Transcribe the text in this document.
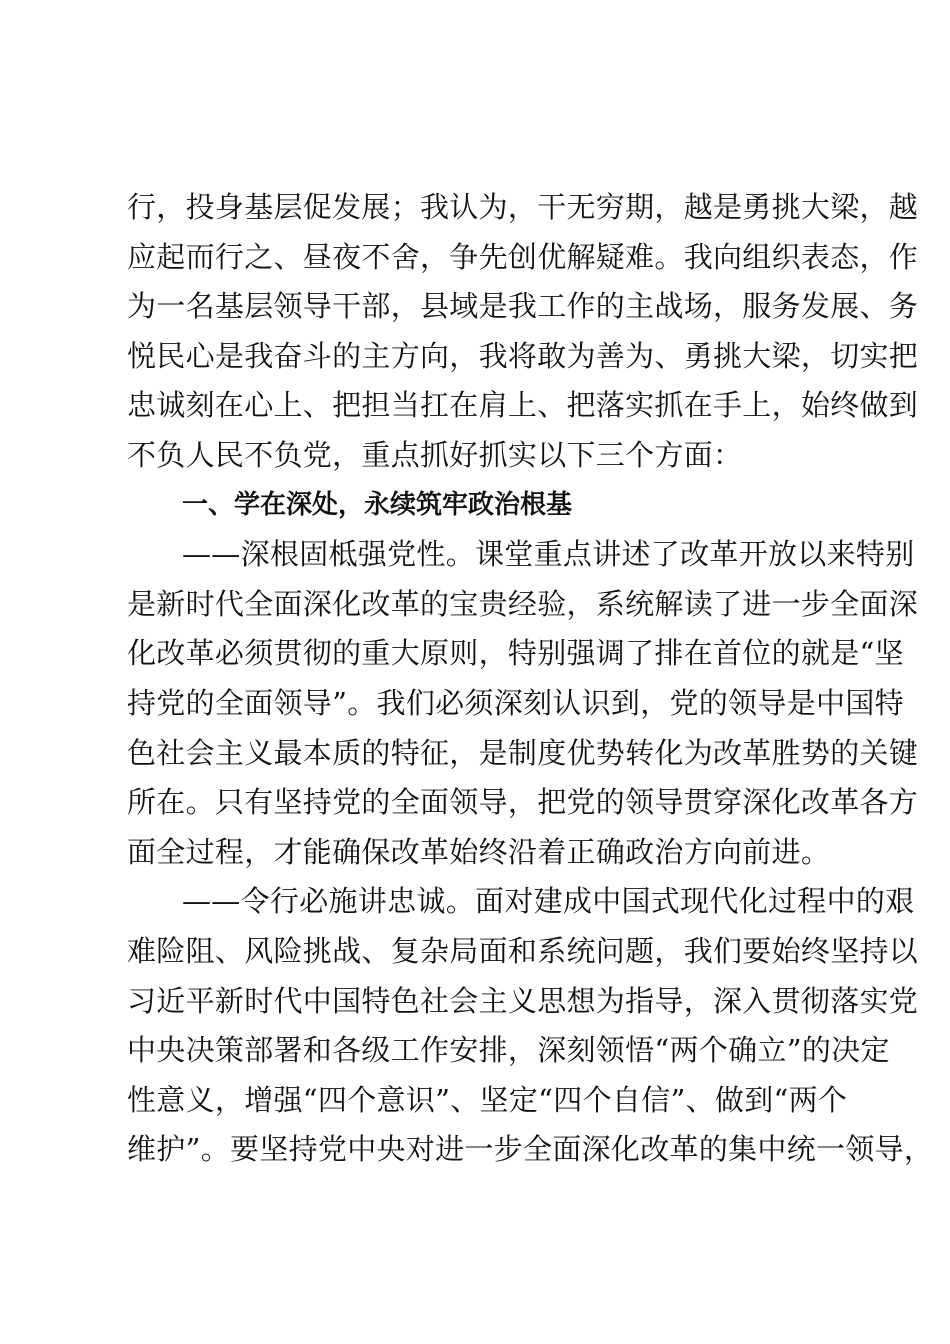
行，投身基层促发展；我认为，干无穷期，越是勇挑大梁，越
应起而行之、昼夜不舍，争先创优解疑难。我向组织表态，作
为一名基层领导干部，县域是我工作的主战场，服务发展、务
悦民心是我奋斗的主方向，我将敢为善为、勇挑大梁，切实把
忠诚刻在心上、把担当扛在肩上、把落实抓在手上，始终做到
不负人民不负党，重点抓好抓实以下三个方面：
一、学在深处，永续筑牢政治根基
——深根固柢强党性。课堂重点讲述了改革开放以来特别
是新时代全面深化改革的宝贵经验，系统解读了进一步全面深
化改革必须贯彻的重大原则，特别强调了排在首位的就是“坚
持党的全面领导”。我们必须深刻认识到，党的领导是中国特
色社会主义最本质的特征，是制度优势转化为改革胜势的关键
所在。只有坚持党的全面领导，把党的领导贯穿深化改革各方
面全过程，才能确保改革始终沿着正确政治方向前进。
——令行必施讲忠诚。面对建成中国式现代化过程中的艰
难险阻、风险挑战、复杂局面和系统问题，我们要始终坚持以
习近平新时代中国特色社会主义思想为指导，深入贯彻落实党
中央决策部署和各级工作安排，深刻领悟“两个确立”的决定
性意义，增强“四个意识”、坚定“四个自信”、做到“两个
维护”。要坚持党中央对进一步全面深化改革的集中统一领导，
